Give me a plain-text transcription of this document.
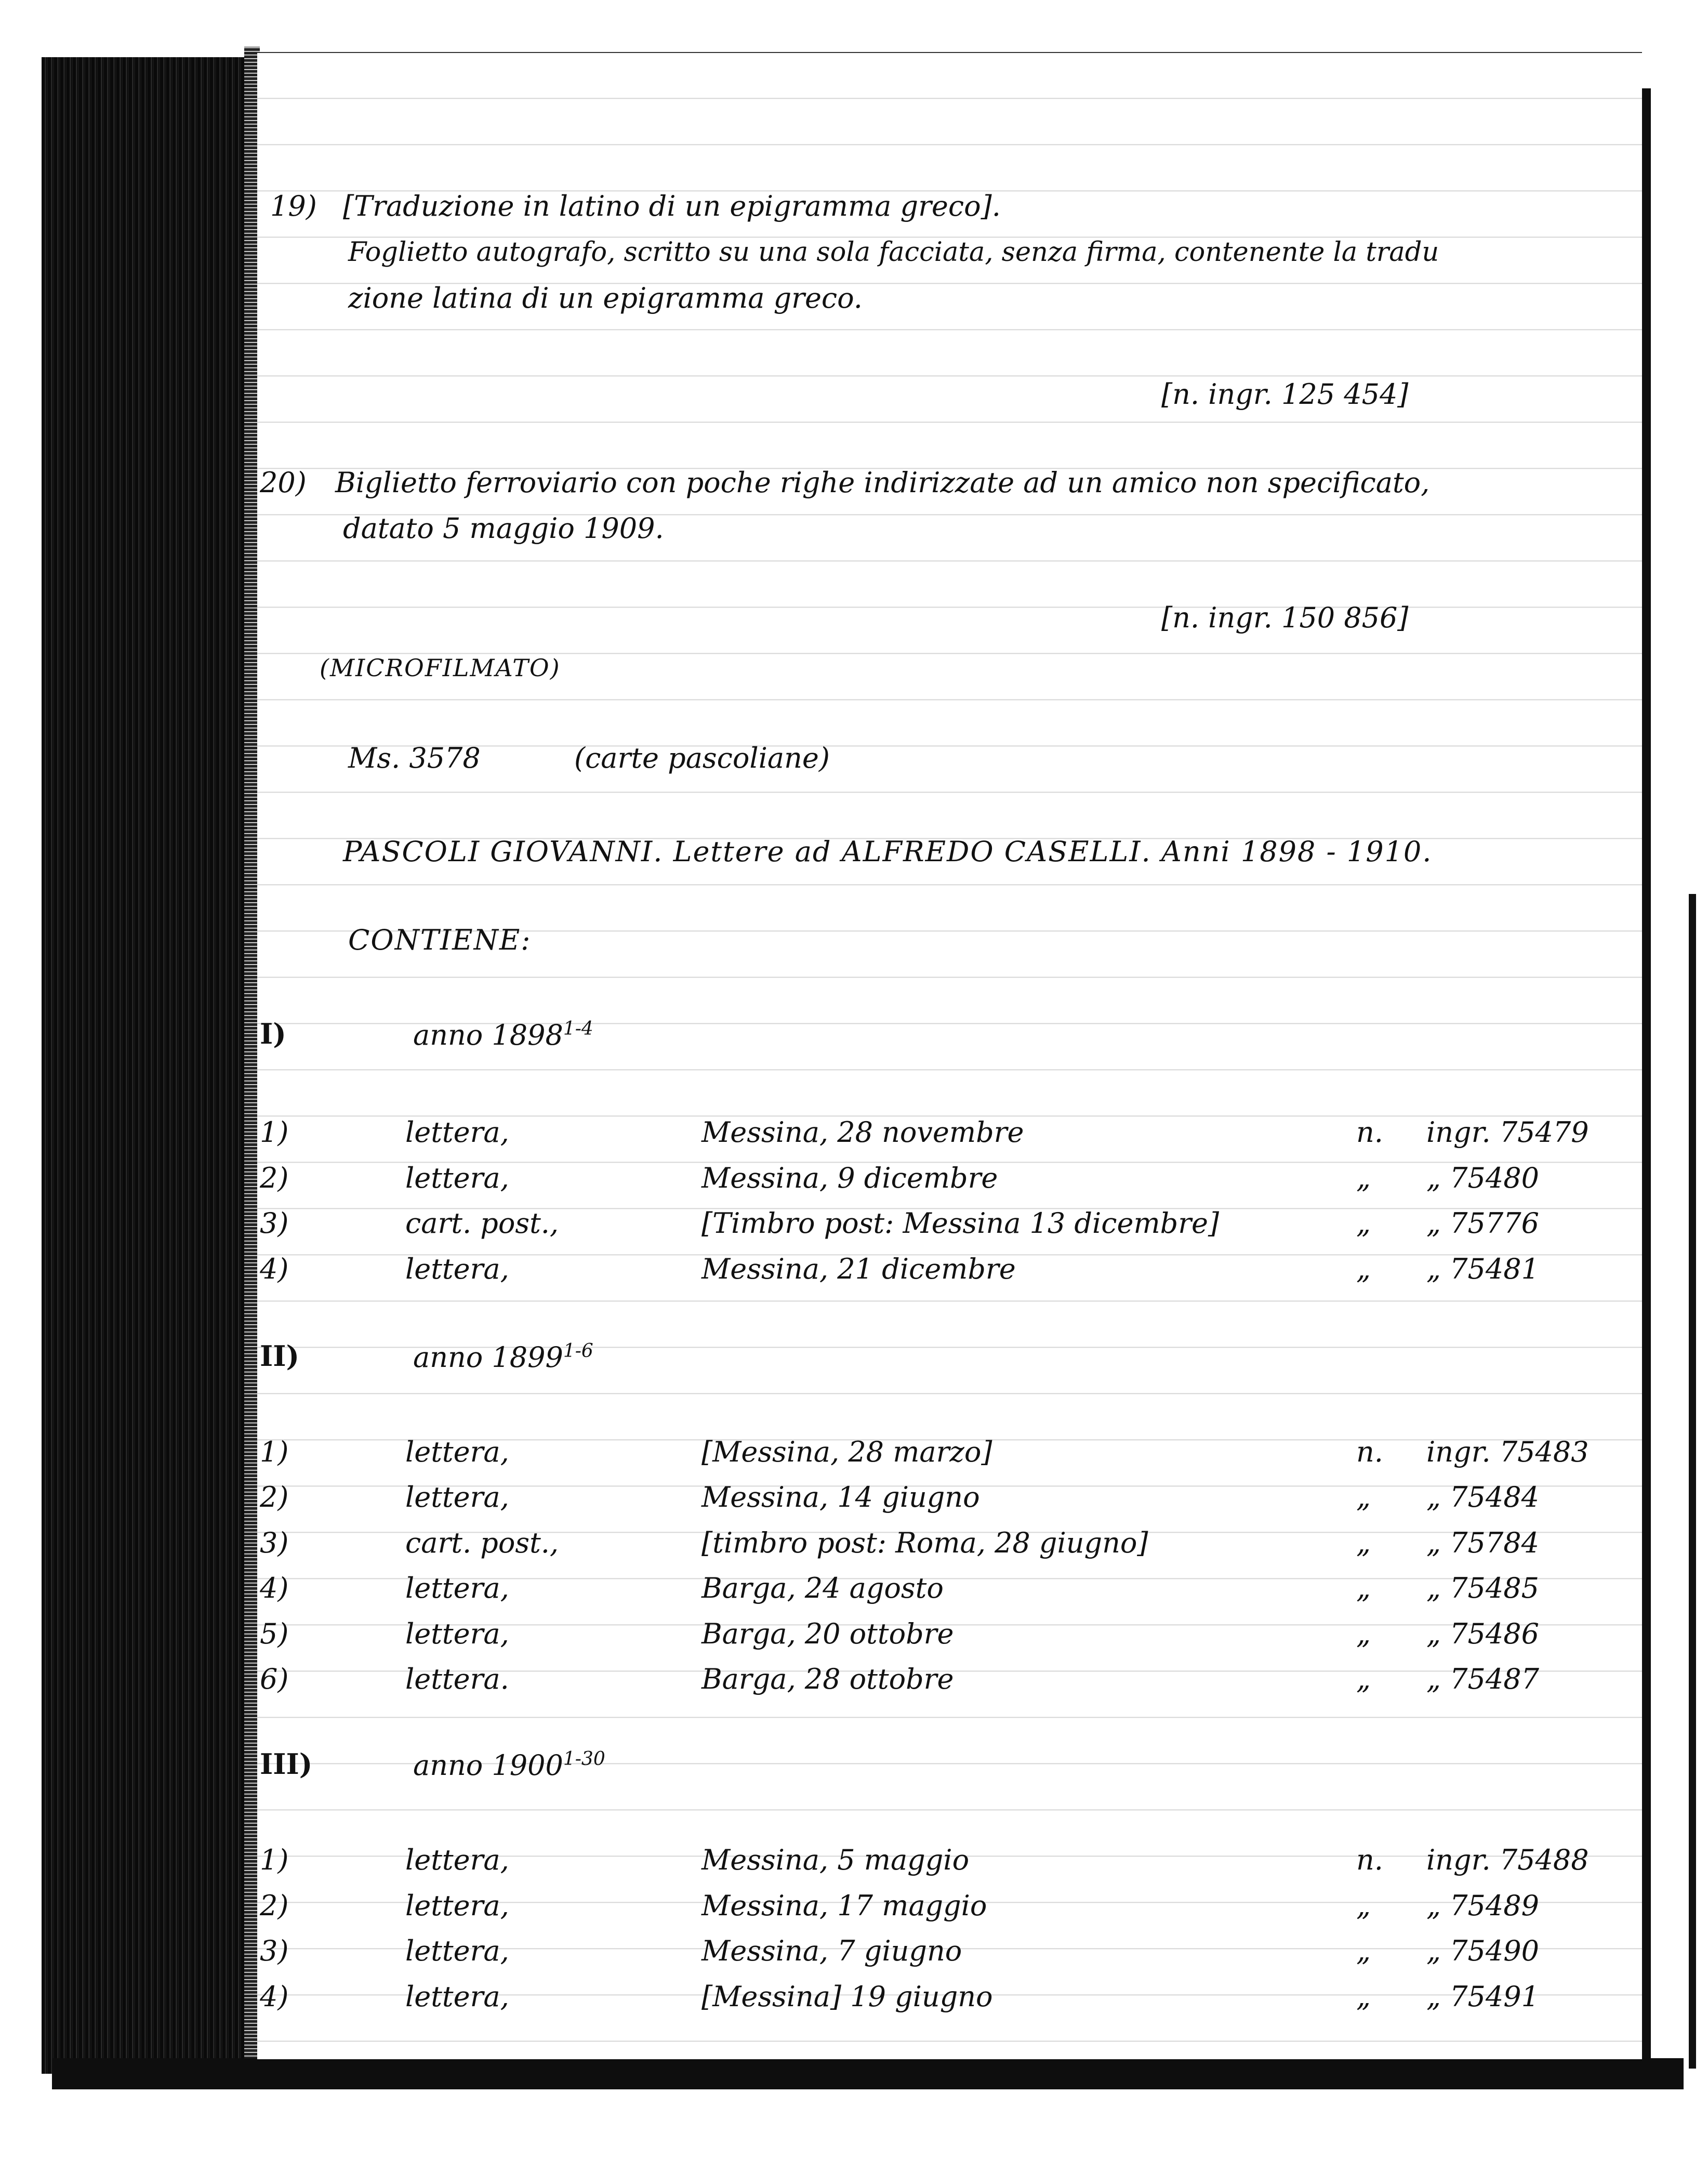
19) [Traduzione in latino di un epigramma greco].
Foglietto autografo, scritto su una sola facciata, senza firma, contenente la tradu
zione latina di un epigramma greco.
[n. ingr. 125 454]
20) Biglietto ferroviario con poche righe indirizzate ad un amico non specificato,
datato 5 maggio 1909.
[n. ingr. 150 856]
(MICROFILMATO)
Ms. 3578	(carte pascoliane)
PASCOLI GIOVANNI. Lettere ad ALFREDO CASELLI. Anni 1898 - 1910.
CONTIENE:
I)	anno 1898$^{1-4}$
1)	lettera,	Messina, 28 novembre	n. ingr. 75479
2)	lettera,	Messina, 9 dicembre	„ „ 75480
3)	cart. post.,	[Timbro post: Messina 13 dicembre]	„ „ 75776
4)	lettera,	Messina, 21 dicembre	„ „ 75481
II)	anno 1899$^{1-6}$
1)	lettera,	[Messina, 28 marzo]	n. ingr. 75483
2)	lettera,	Messina, 14 giugno	„ „ 75484
3)	cart. post.,	[timbro post: Roma, 28 giugno]	„ „ 75784
4)	lettera,	Barga, 24 agosto	„ „ 75485
5)	lettera,	Barga, 20 ottobre	„ „ 75486
6)	lettera.	Barga, 28 ottobre	„ „ 75487
III)	anno 1900$^{1-30}$
1)	lettera,	Messina, 5 maggio	n. ingr. 75488
2)	lettera,	Messina, 17 maggio	„ „ 75489
3)	lettera,	Messina, 7 giugno	„ „ 75490
4)	lettera,	[Messina] 19 giugno	„ „ 75491
